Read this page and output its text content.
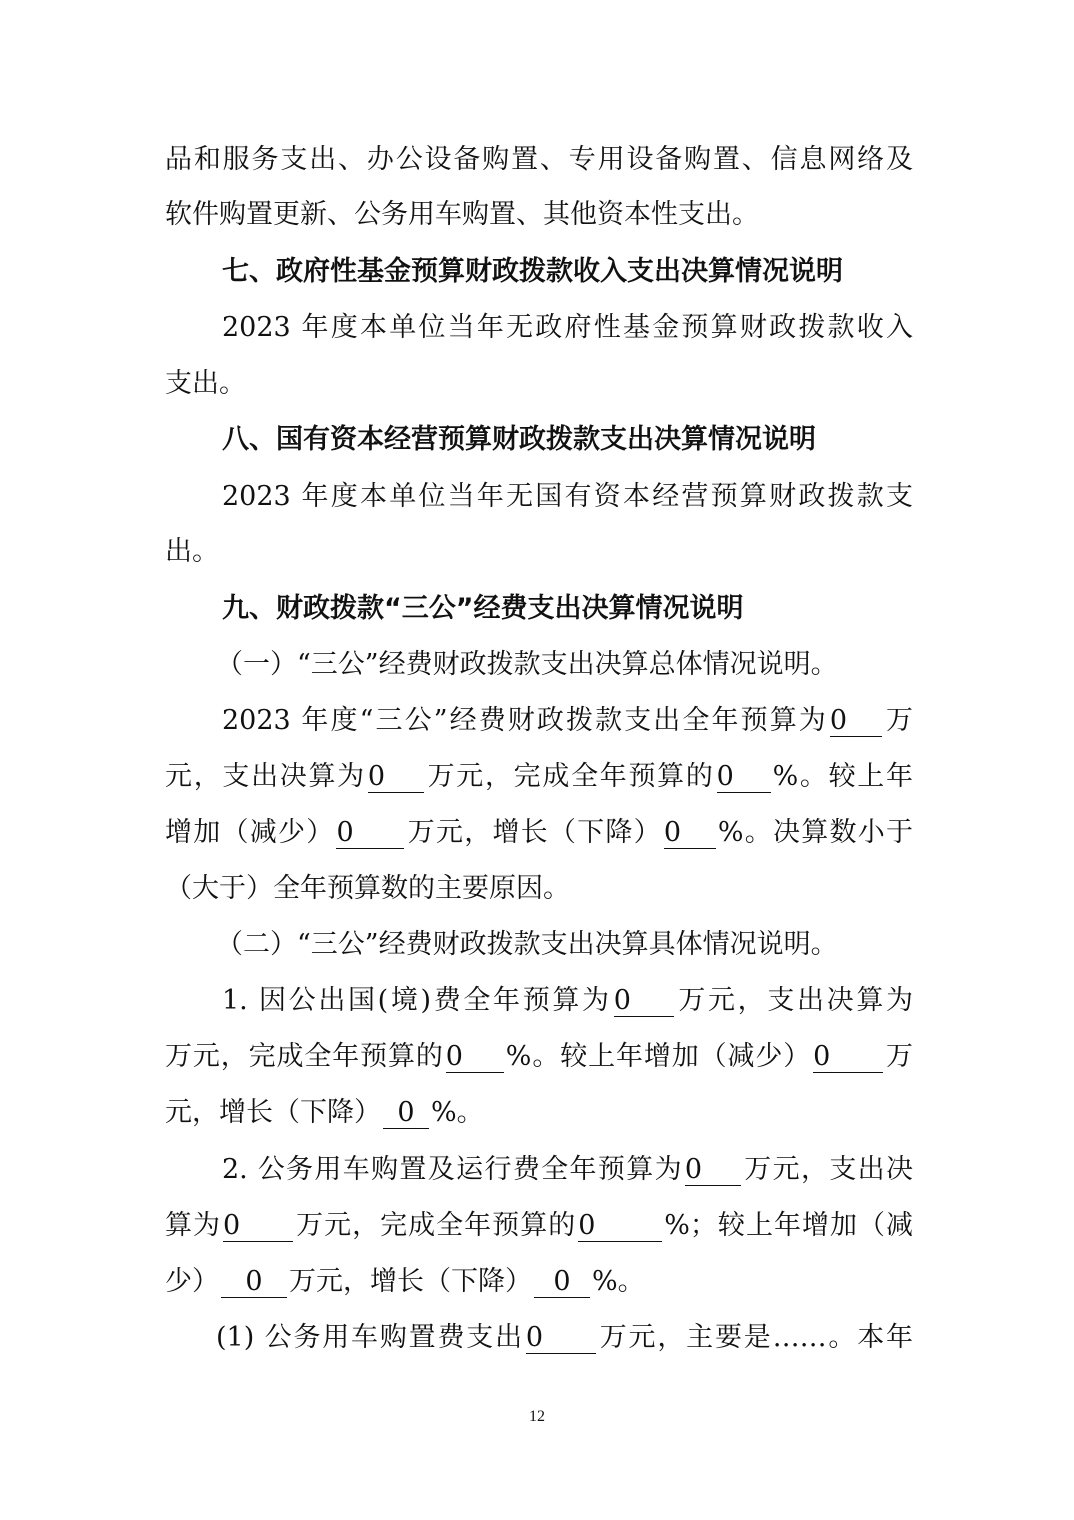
品和服务支出、办公设备购置、专用设备购置、信息网络及
软件购置更新、公务用车购置、其他资本性支出。
七、政府性基金预算财政拨款收入支出决算情况说明
2023 年度本单位当年无政府性基金预算财政拨款收入
支出。
八、国有资本经营预算财政拨款支出决算情况说明
2023 年度本单位当年无国有资本经营预算财政拨款支
出。
九、财政拨款“三公”经费支出决算情况说明
（一）“三公”经费财政拨款支出决算总体情况说明。
2023 年度“三公”经费财政拨款支出全年预算为0 万
元，支出决算为0 万元，完成全年预算的0 %。较上年
增加（减少）0 万元，增长（下降）0 %。决算数小于
（大于）全年预算数的主要原因。
（二）“三公”经费财政拨款支出决算具体情况说明。
1. 因公出国(境)费全年预算为0 万元，支出决算为
万元，完成全年预算的0 %。较上年增加（减少）0 万
元，增长（下降） 0 %。
2. 公务用车购置及运行费全年预算为0 万元，支出决
算为0 万元，完成全年预算的0	%；较上年增加（减
少） 0 万元，增长（下降） 0 %。
(1) 公务用车购置费支出0 万元，主要是……。本年
12
